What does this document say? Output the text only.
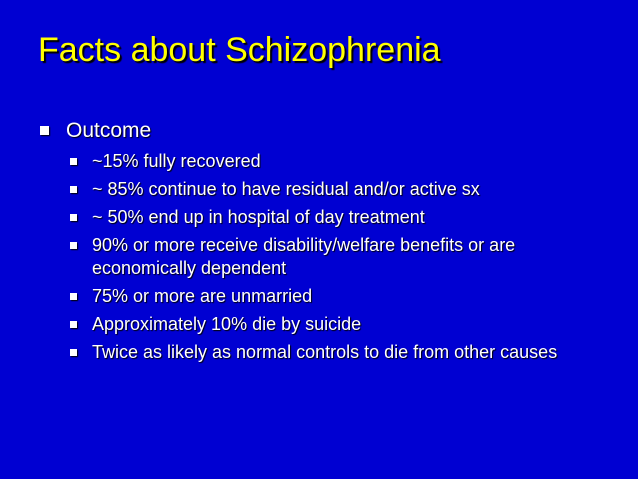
Facts about Schizophrenia
Outcome
~15% fully recovered
~ 85% continue to have residual and/or active sx
~ 50% end up in hospital of day treatment
90% or more receive disability/welfare benefits or are economically dependent
75% or more are unmarried
Approximately 10% die by suicide
Twice as likely as normal controls to die from other causes
